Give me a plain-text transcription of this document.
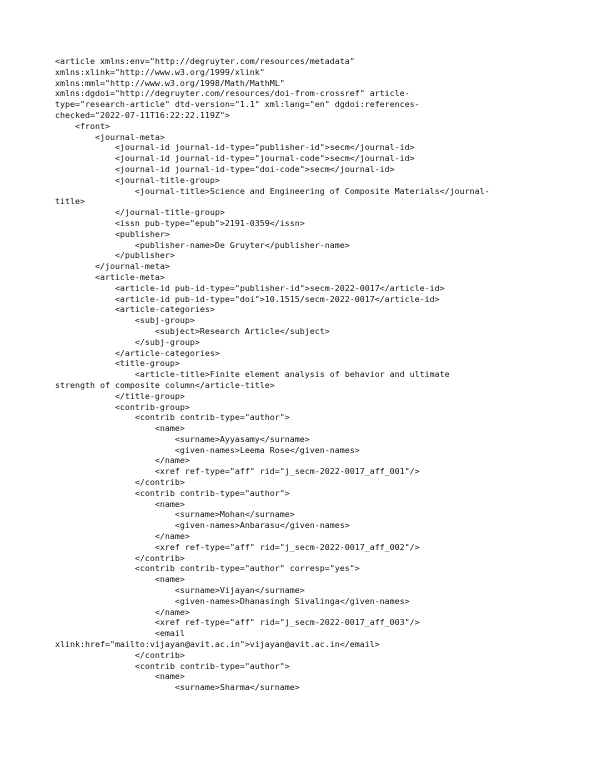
<article xmlns:env="http://degruyter.com/resources/metadata"
xmlns:xlink="http://www.w3.org/1999/xlink"
xmlns:mml="http://www.w3.org/1998/Math/MathML"
xmlns:dgdoi="http://degruyter.com/resources/doi-from-crossref" article-
type="research-article" dtd-version="1.1" xml:lang="en" dgdoi:references-
checked="2022-07-11T16:22:22.119Z">
<front>
<journal-meta>
<journal-id journal-id-type="publisher-id">secm</journal-id>
<journal-id journal-id-type="journal-code">secm</journal-id>
<journal-id journal-id-type="doi-code">secm</journal-id>
<journal-title-group>
<journal-title>Science and Engineering of Composite Materials</journal-
title>
</journal-title-group>
<issn pub-type="epub">2191-0359</issn>
<publisher>
<publisher-name>De Gruyter</publisher-name>
</publisher>
</journal-meta>
<article-meta>
<article-id pub-id-type="publisher-id">secm-2022-0017</article-id>
<article-id pub-id-type="doi">10.1515/secm-2022-0017</article-id>
<article-categories>
<subj-group>
<subject>Research Article</subject>
</subj-group>
</article-categories>
<title-group>
<article-title>Finite element analysis of behavior and ultimate
strength of composite column</article-title>
</title-group>
<contrib-group>
<contrib contrib-type="author">
<name>
<surname>Ayyasamy</surname>
<given-names>Leema Rose</given-names>
</name>
<xref ref-type="aff" rid="j_secm-2022-0017_aff_001"/>
</contrib>
<contrib contrib-type="author">
<name>
<surname>Mohan</surname>
<given-names>Anbarasu</given-names>
</name>
<xref ref-type="aff" rid="j_secm-2022-0017_aff_002"/>
</contrib>
<contrib contrib-type="author" corresp="yes">
<name>
<surname>Vijayan</surname>
<given-names>Dhanasingh Sivalinga</given-names>
</name>
<xref ref-type="aff" rid="j_secm-2022-0017_aff_003"/>
<email
xlink:href="mailto:vijayan@avit.ac.in">vijayan@avit.ac.in</email>
</contrib>
<contrib contrib-type="author">
<name>
<surname>Sharma</surname>
